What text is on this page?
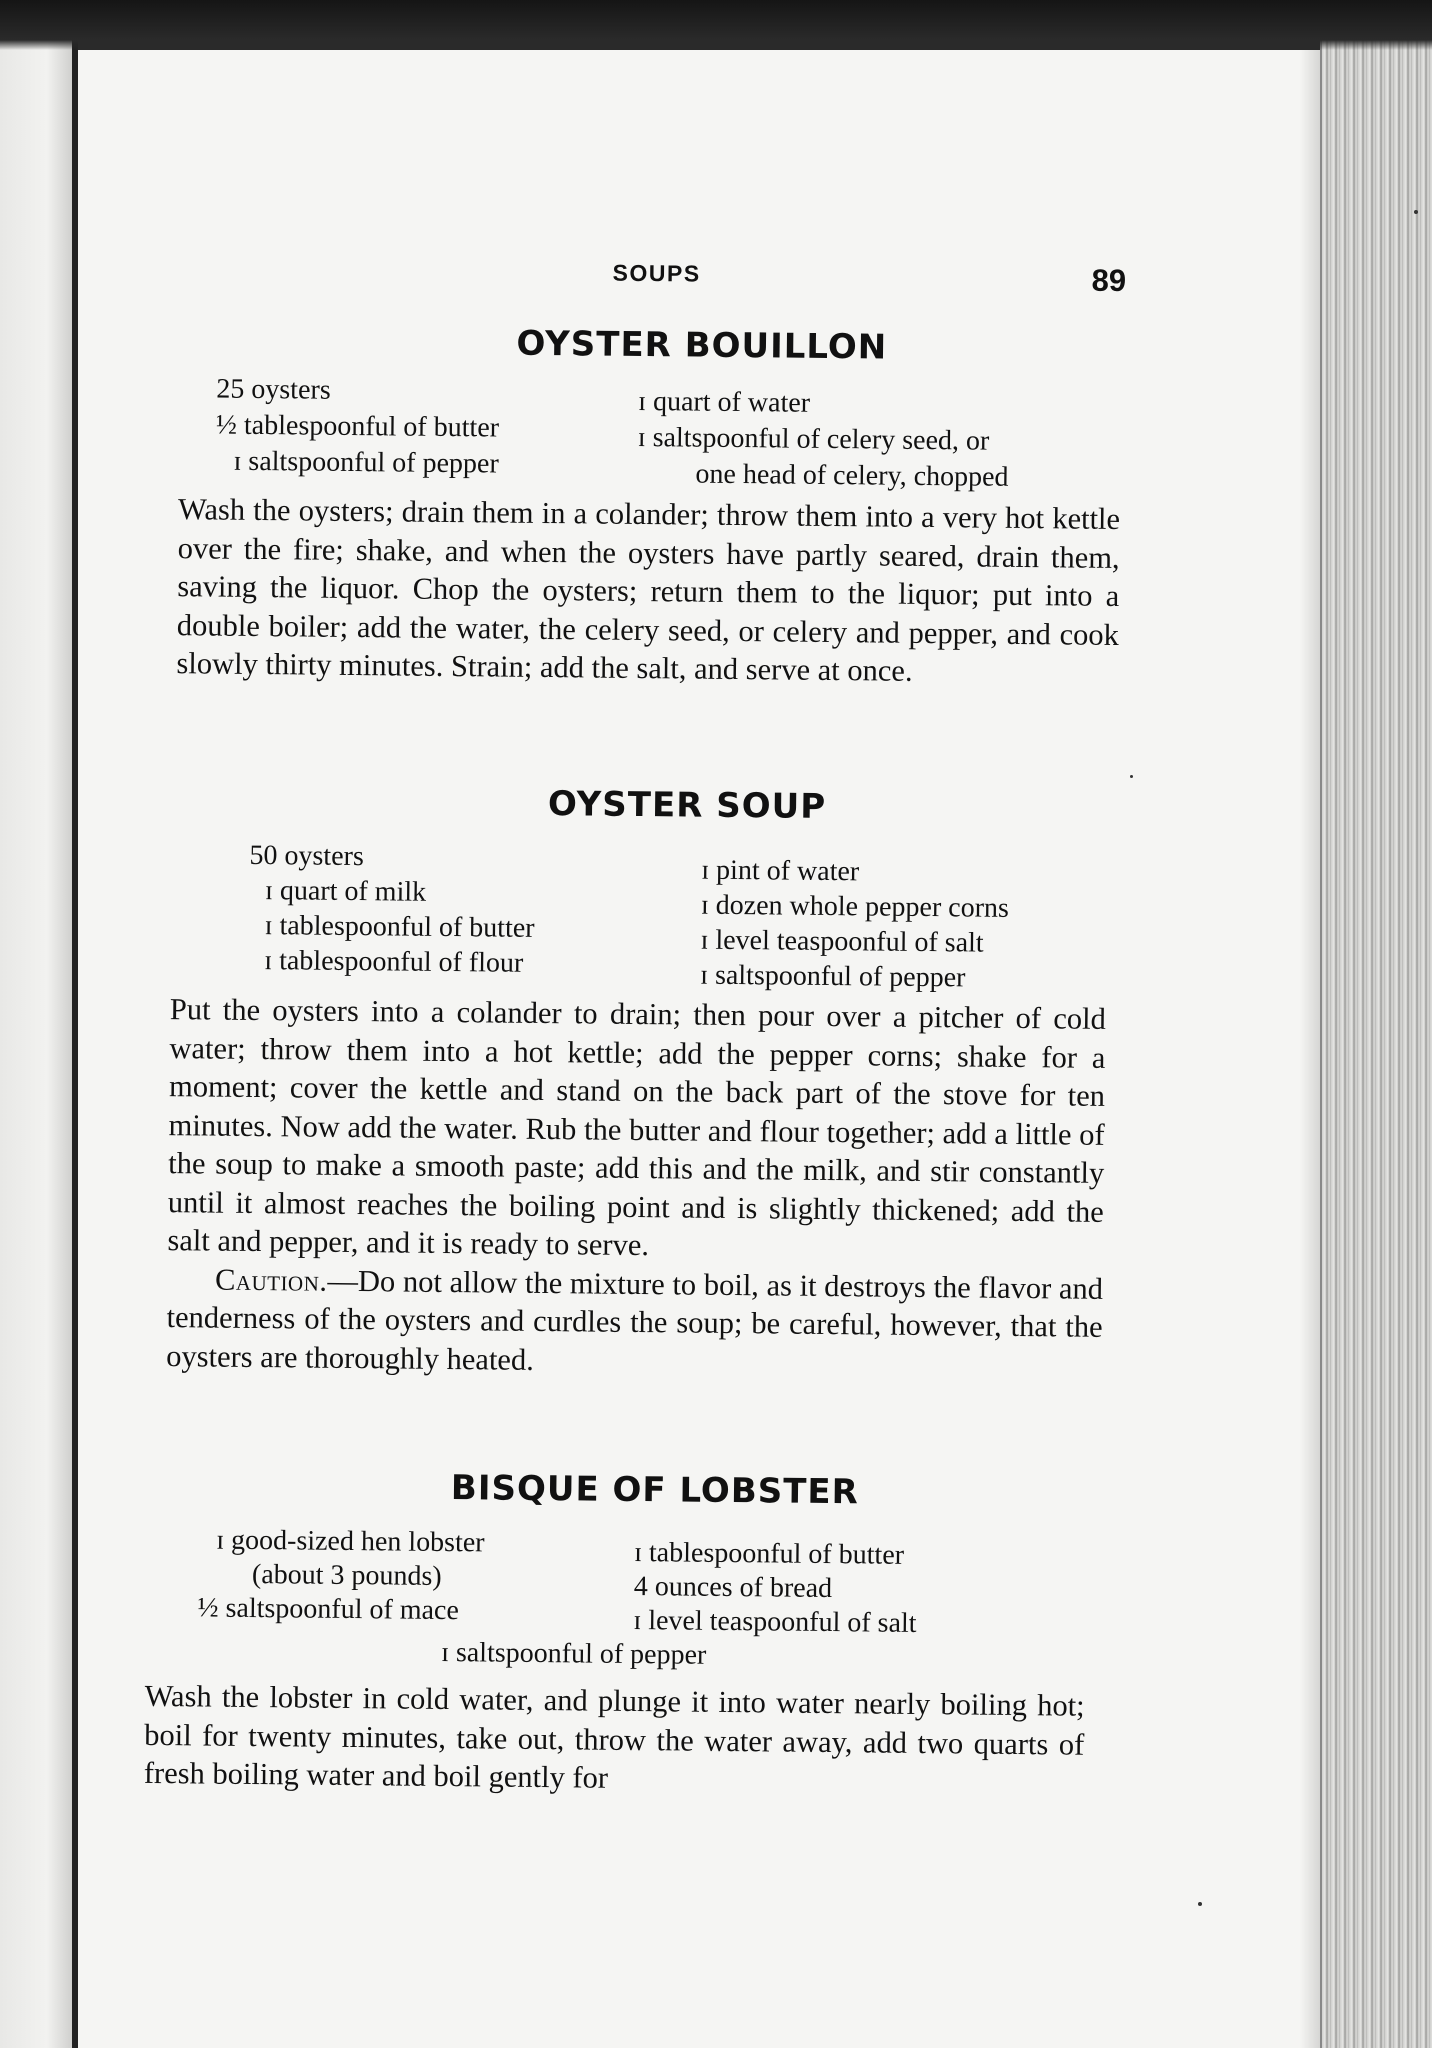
SOUPS	89
OYSTER BOUILLON
25 oysters
½ tablespoonful of butter
ɪ saltspoonful of pepper
ɪ quart of water
ɪ saltspoonful of celery seed, or
one head of celery, chopped

Wash the oysters; drain them in a colander; throw them into a very hot kettle over the fire; shake, and when the oysters have partly seared, drain them, saving the liquor. Chop the oysters; return them to the liquor; put into a double boiler; add the water, the celery seed, or celery and pepper, and cook slowly thirty minutes. Strain; add the salt, and serve at once.

OYSTER SOUP
50 oysters
ɪ quart of milk
ɪ tablespoonful of butter
ɪ tablespoonful of flour
ɪ pint of water
ɪ dozen whole pepper corns
ɪ level teaspoonful of salt
ɪ saltspoonful of pepper

Put the oysters into a colander to drain; then pour over a pitcher of cold water; throw them into a hot kettle; add the pepper corns; shake for a moment; cover the kettle and stand on the back part of the stove for ten minutes. Now add the water. Rub the butter and flour together; add a little of the soup to make a smooth paste; add this and the milk, and stir constantly until it almost reaches the boiling point and is slightly thickened; add the salt and pepper, and it is ready to serve.

Caution.—Do not allow the mixture to boil, as it destroys the flavor and tenderness of the oysters and curdles the soup; be careful, however, that the oysters are thoroughly heated.

BISQUE OF LOBSTER
ɪ good-sized hen lobster
(about 3 pounds)
½ saltspoonful of mace
ɪ tablespoonful of butter
4 ounces of bread
ɪ level teaspoonful of salt
ɪ saltspoonful of pepper

Wash the lobster in cold water, and plunge it into water nearly boiling hot; boil for twenty minutes, take out, throw the water away, add two quarts of fresh boiling water and boil gently for
